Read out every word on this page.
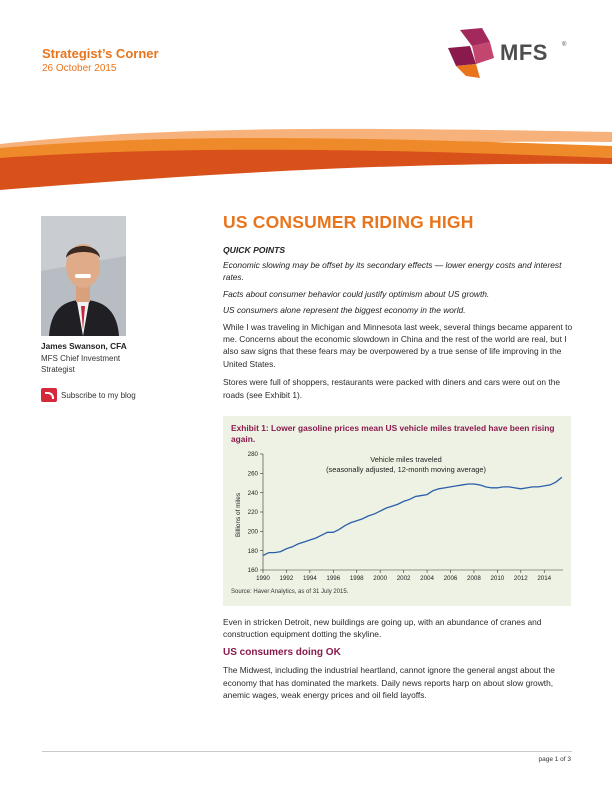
Strategist’s Corner
26 October 2015
MFS ®
James Swanson, CFA
MFS Chief Investment Strategist
Subscribe to my blog
US CONSUMER RIDING HIGH
QUICK POINTS

Economic slowing may be offset by its secondary effects — lower energy costs and interest rates.

Facts about consumer behavior could justify optimism about US growth.

US consumers alone represent the biggest economy in the world.

While I was traveling in Michigan and Minnesota last week, several things became apparent to me. Concerns about the economic slowdown in China and the rest of the world are real, but I also saw signs that these fears may be overpowered by a true sense of life improving in the United States.

Stores were full of shoppers, restaurants were packed with diners and cars were out on the roads (see Exhibit 1).

Vehicle miles traveled
(seasonally adjusted, 12-month moving average)
Billions of miles
160
180
200
220
240
260
280
1990 1992 1994 1996 1998 2000 2002 2004 2006 2008 2010 2012 2014
Exhibit 1: Lower gasoline prices mean US vehicle miles traveled have been rising again.
Source: Haver Analytics, as of 31 July 2015.

Even in stricken Detroit, new buildings are going up, with an abundance of cranes and construction equipment dotting the skyline.

US consumers doing OK

The Midwest, including the industrial heartland, cannot ignore the general angst about the economy that has dominated the markets. Daily news reports harp on about slow growth, anemic wages, weak energy prices and oil field layoffs.

page 1 of 3
